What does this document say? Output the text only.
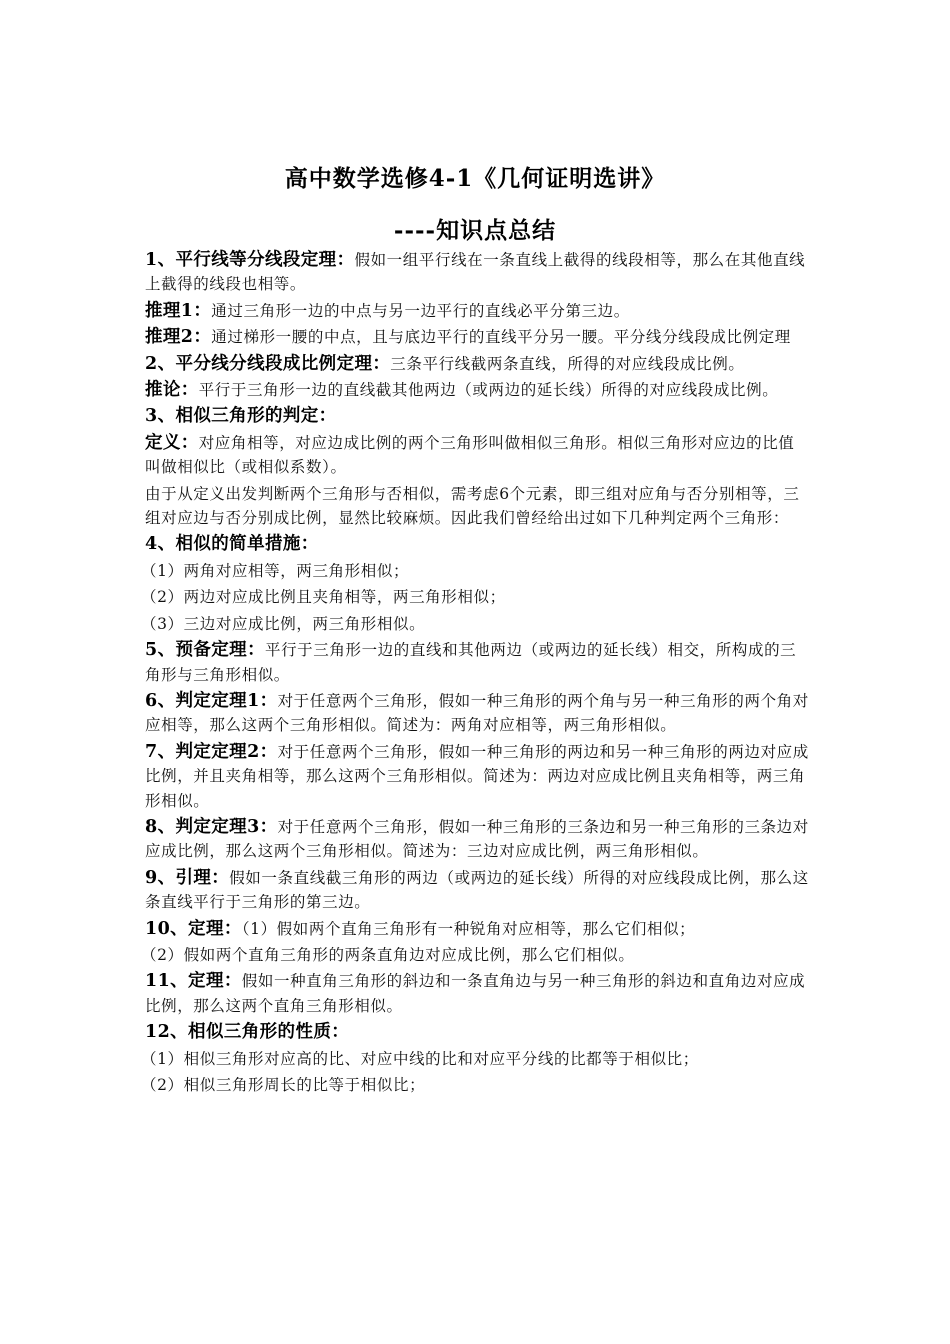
高中数学选修4-1《几何证明选讲》
----知识点总结

1、平行线等分线段定理：假如一组平行线在一条直线上截得的线段相等，那么在其他直线上截得的线段也相等。

推理1：通过三角形一边的中点与另一边平行的直线必平分第三边。

推理2：通过梯形一腰的中点，且与底边平行的直线平分另一腰。平分线分线段成比例定理

2、平分线分线段成比例定理：三条平行线截两条直线，所得的对应线段成比例。

推论：平行于三角形一边的直线截其他两边（或两边的延长线）所得的对应线段成比例。

3、相似三角形的判定：

定义：对应角相等，对应边成比例的两个三角形叫做相似三角形。相似三角形对应边的比值叫做相似比（或相似系数）。

由于从定义出发判断两个三角形与否相似，需考虑6个元素，即三组对应角与否分别相等，三组对应边与否分别成比例，显然比较麻烦。因此我们曾经给出过如下几种判定两个三角形：

4、相似的简单措施：

（1）两角对应相等，两三角形相似；

（2）两边对应成比例且夹角相等，两三角形相似；

（3）三边对应成比例，两三角形相似。

5、预备定理：平行于三角形一边的直线和其他两边（或两边的延长线）相交，所构成的三角形与三角形相似。

6、判定定理1：对于任意两个三角形，假如一种三角形的两个角与另一种三角形的两个角对应相等，那么这两个三角形相似。简述为：两角对应相等，两三角形相似。

7、判定定理2：对于任意两个三角形，假如一种三角形的两边和另一种三角形的两边对应成比例，并且夹角相等，那么这两个三角形相似。简述为：两边对应成比例且夹角相等，两三角形相似。

8、判定定理3：对于任意两个三角形，假如一种三角形的三条边和另一种三角形的三条边对应成比例，那么这两个三角形相似。简述为：三边对应成比例，两三角形相似。

9、引理：假如一条直线截三角形的两边（或两边的延长线）所得的对应线段成比例，那么这条直线平行于三角形的第三边。

10、定理：（1）假如两个直角三角形有一种锐角对应相等，那么它们相似；

（2）假如两个直角三角形的两条直角边对应成比例，那么它们相似。

11、定理：假如一种直角三角形的斜边和一条直角边与另一种三角形的斜边和直角边对应成比例，那么这两个直角三角形相似。

12、相似三角形的性质：

（1）相似三角形对应高的比、对应中线的比和对应平分线的比都等于相似比；

（2）相似三角形周长的比等于相似比；
